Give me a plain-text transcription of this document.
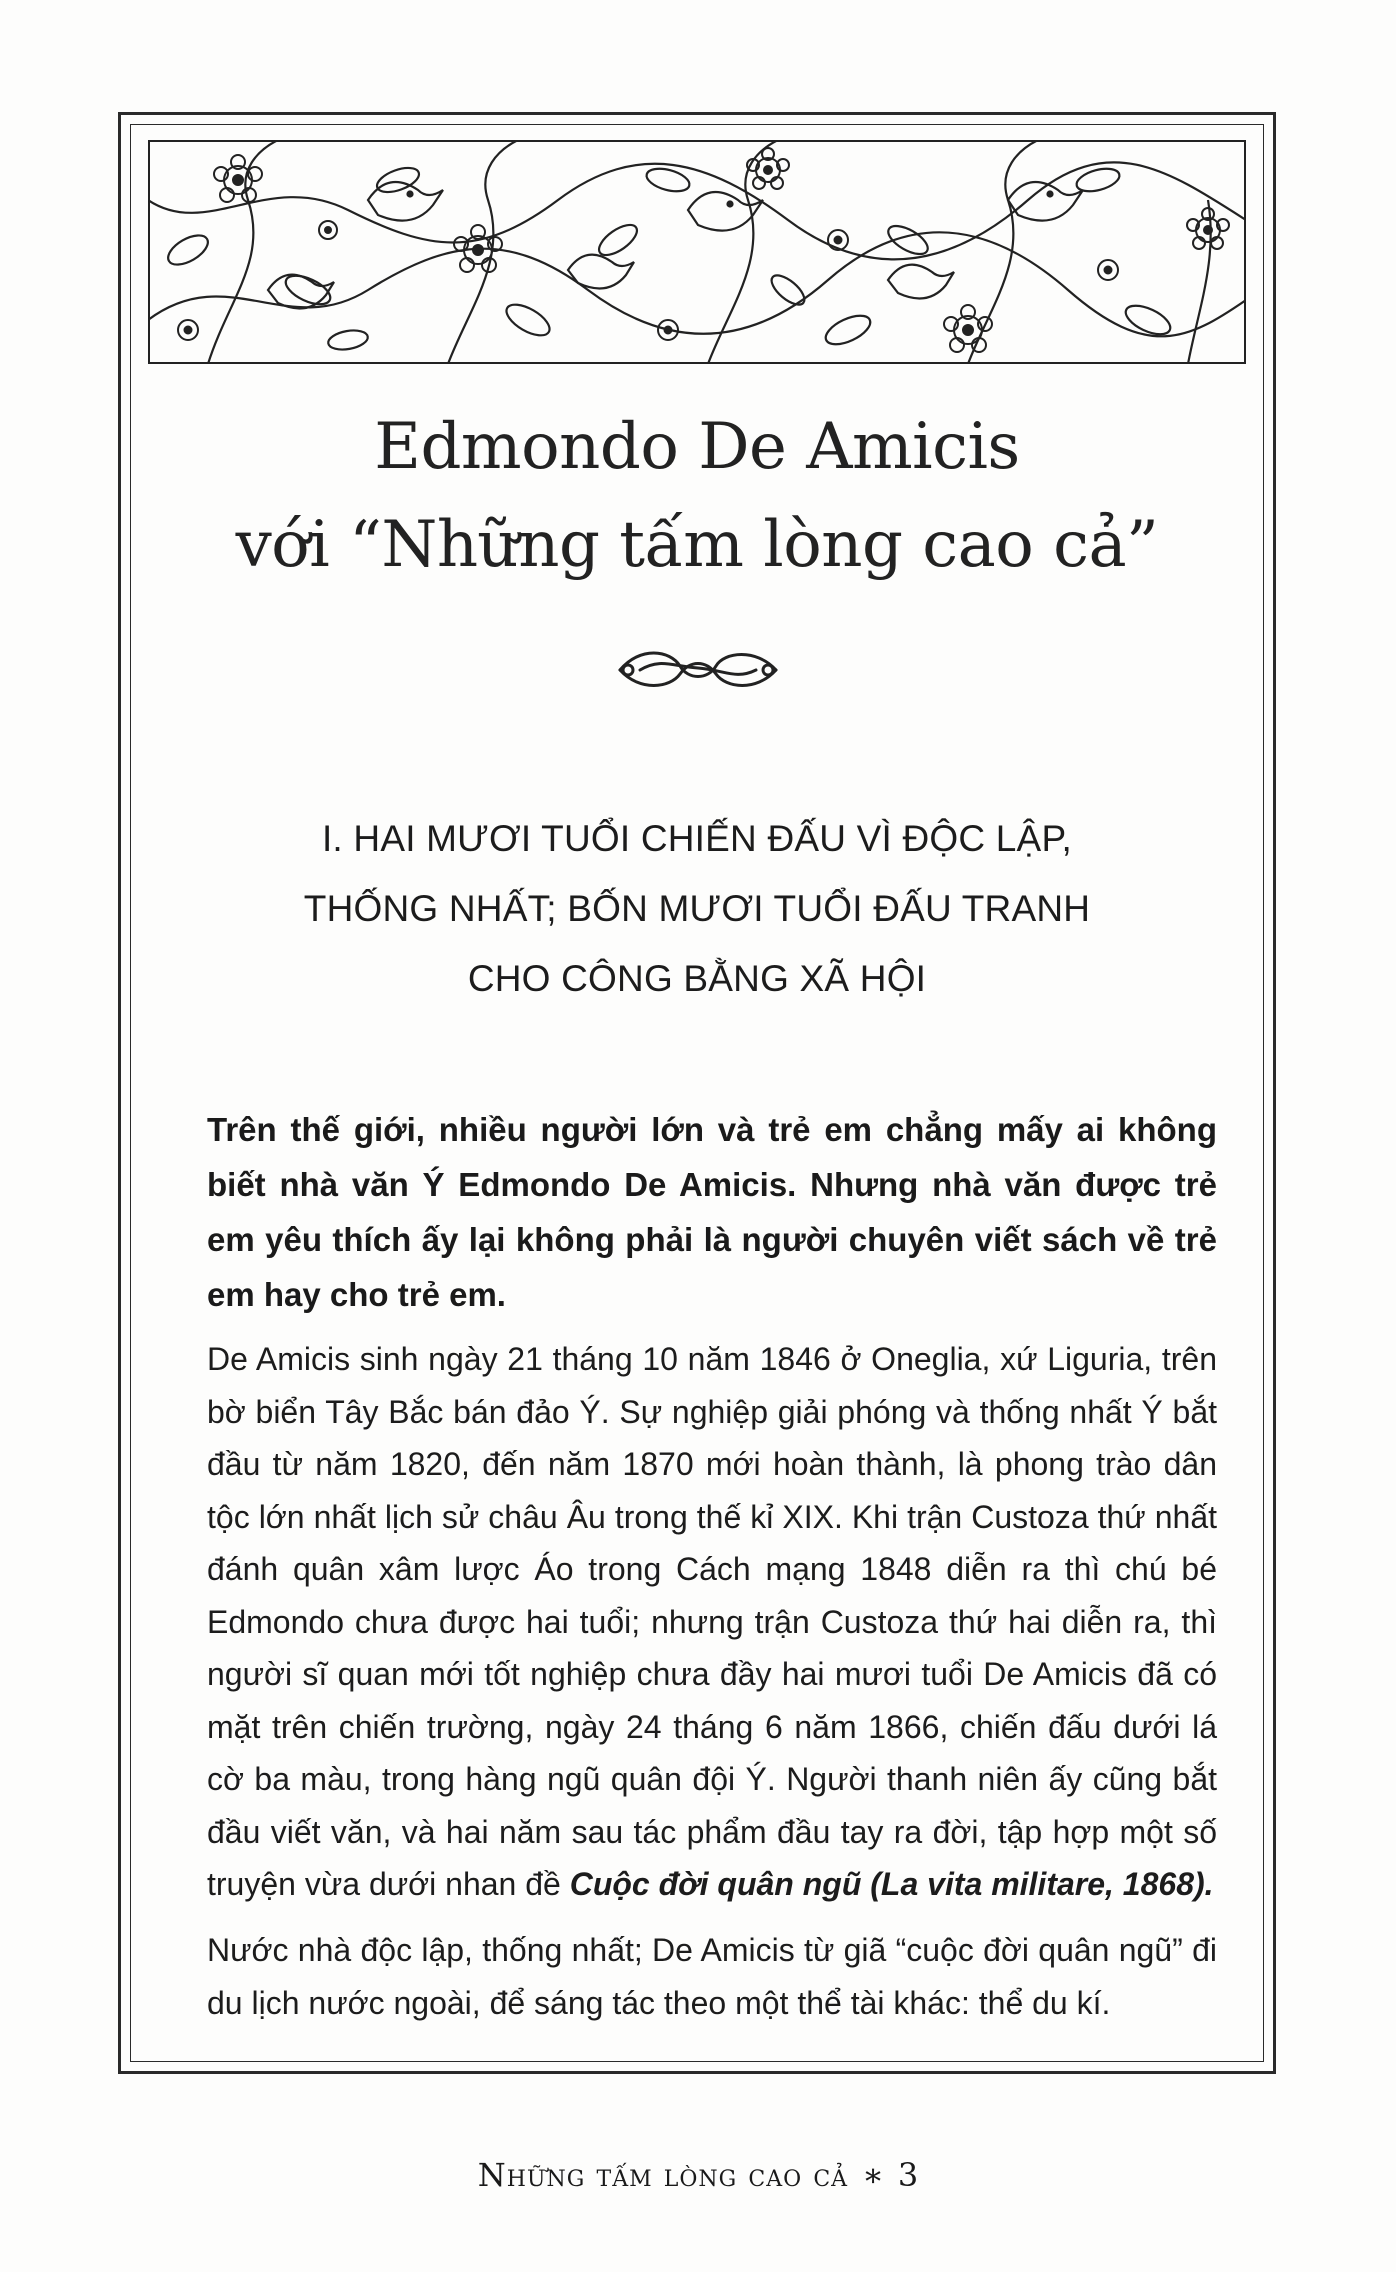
Edmondo De Amicis
với “Những tấm lòng cao cả”
I. HAI MƯƠI TUỔI CHIẾN ĐẤU VÌ ĐỘC LẬP,
THỐNG NHẤT; BỐN MƯƠI TUỔI ĐẤU TRANH
CHO CÔNG BẰNG XÃ HỘI
Trên thế giới, nhiều người lớn và trẻ em chẳng mấy ai không biết nhà văn Ý Edmondo De Amicis. Nhưng nhà văn được trẻ em yêu thích ấy lại không phải là người chuyên viết sách về trẻ em hay cho trẻ em.
De Amicis sinh ngày 21 tháng 10 năm 1846 ở Oneglia, xứ Liguria, trên bờ biển Tây Bắc bán đảo Ý. Sự nghiệp giải phóng và thống nhất Ý bắt đầu từ năm 1820, đến năm 1870 mới hoàn thành, là phong trào dân tộc lớn nhất lịch sử châu Âu trong thế kỉ XIX. Khi trận Custoza thứ nhất đánh quân xâm lược Áo trong Cách mạng 1848 diễn ra thì chú bé Edmondo chưa được hai tuổi; nhưng trận Custoza thứ hai diễn ra, thì người sĩ quan mới tốt nghiệp chưa đầy hai mươi tuổi De Amicis đã có mặt trên chiến trường, ngày 24 tháng 6 năm 1866, chiến đấu dưới lá cờ ba màu, trong hàng ngũ quân đội Ý. Người thanh niên ấy cũng bắt đầu viết văn, và hai năm sau tác phẩm đầu tay ra đời, tập hợp một số truyện vừa dưới nhan đề Cuộc đời quân ngũ (La vita militare, 1868).
Nước nhà độc lập, thống nhất; De Amicis từ giã “cuộc đời quân ngũ” đi du lịch nước ngoài, để sáng tác theo một thể tài khác: thể du kí.
Những tấm lòng cao cả ∗ 3
